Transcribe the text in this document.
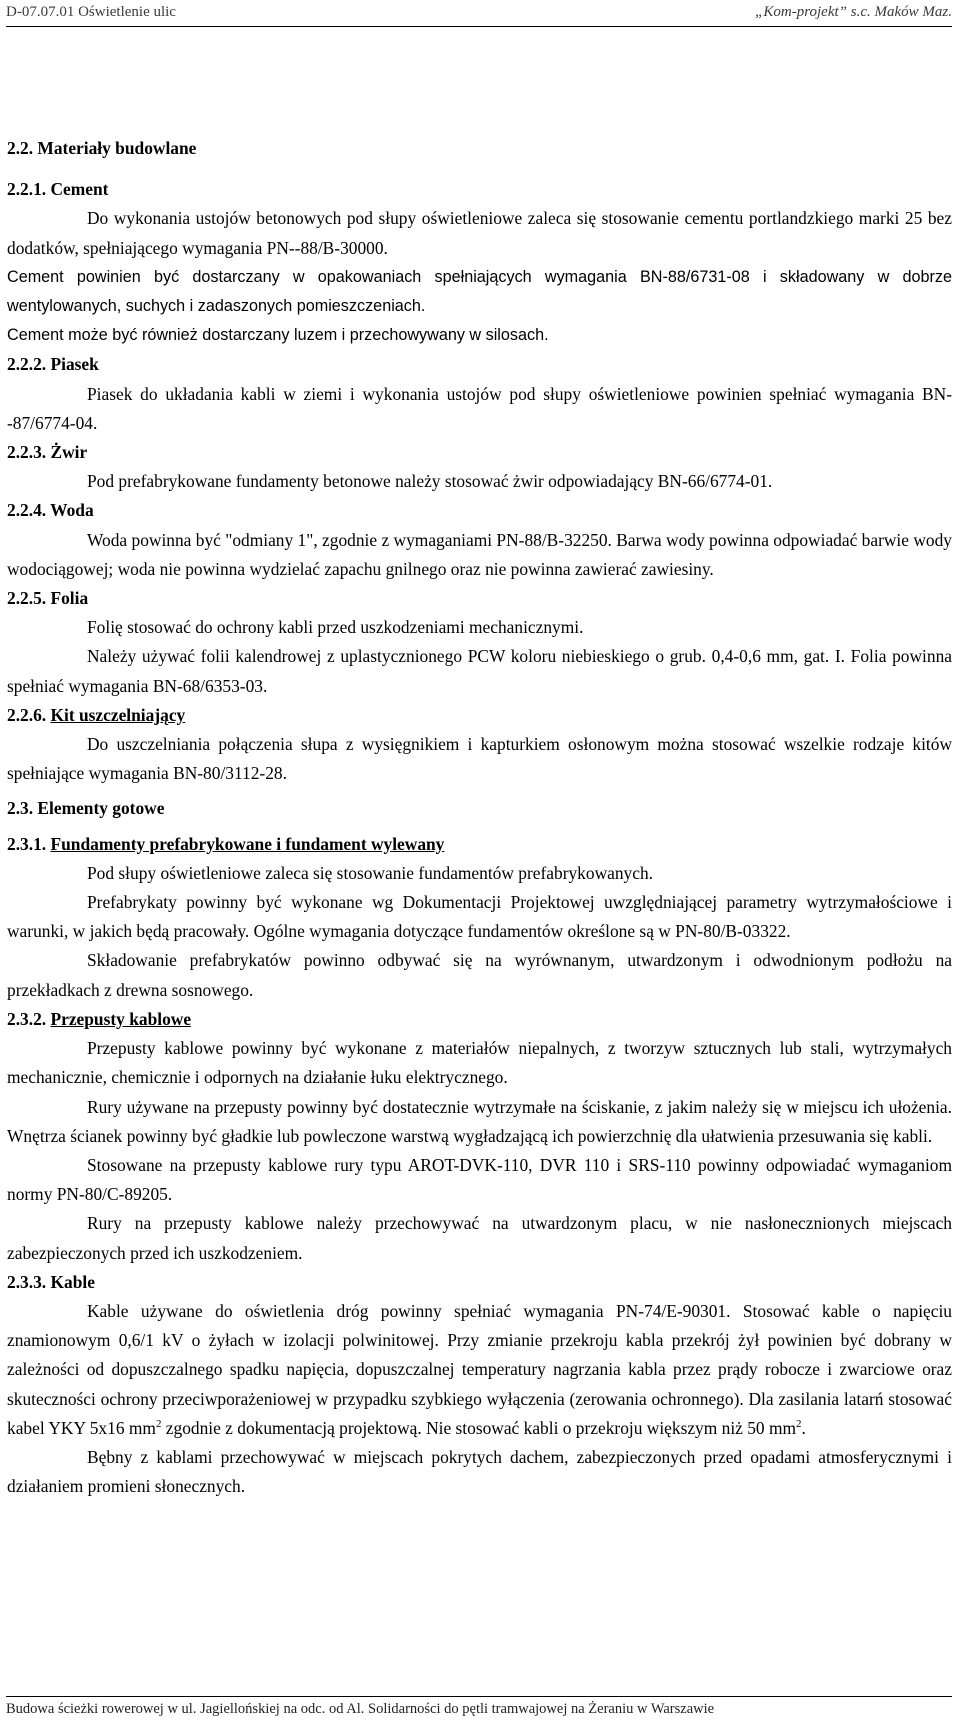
D-07.07.01 Oświetlenie ulic	„Kom-projekt” s.c. Maków Maz.
2.2. Materiały budowlane
2.2.1. Cement

Do wykonania ustojów betonowych pod słupy oświetleniowe zaleca się stosowanie cementu portlandzkiego marki 25 bez dodatków, spełniającego wymagania PN--88/B-30000.

Cement powinien być dostarczany w opakowaniach spełniających wymagania BN-88/6731-08 i składowany w dobrze wentylowanych, suchych i zadaszonych pomieszczeniach.

Cement może być również dostarczany luzem i przechowywany w silosach.

2.2.2. Piasek

Piasek do układania kabli w ziemi i wykonania ustojów pod słupy oświetleniowe powinien spełniać wymagania BN--87/6774-04.

2.2.3. Żwir

Pod prefabrykowane fundamenty betonowe należy stosować żwir odpowiadający BN-66/6774-01.

2.2.4. Woda

Woda powinna być "odmiany 1", zgodnie z wymaganiami PN-88/B-32250. Barwa wody powinna odpowiadać barwie wody wodociągowej; woda nie powinna wydzielać zapachu gnilnego oraz nie powinna zawierać zawiesiny.

2.2.5. Folia

Folię stosować do ochrony kabli przed uszkodzeniami mechanicznymi.

Należy używać folii kalendrowej z uplastycznionego PCW koloru niebieskiego o grub. 0,4-0,6 mm, gat. I. Folia powinna spełniać wymagania BN-68/6353-03.

2.2.6. Kit uszczelniający

Do uszczelniania połączenia słupa z wysięgnikiem i kapturkiem osłonowym można stosować wszelkie rodzaje kitów spełniające wymagania BN-80/3112-28.

2.3. Elementy gotowe
2.3.1. Fundamenty prefabrykowane i fundament wylewany

Pod słupy oświetleniowe zaleca się stosowanie fundamentów prefabrykowanych.

Prefabrykaty powinny być wykonane wg Dokumentacji Projektowej uwzględniającej parametry wytrzymałościowe i warunki, w jakich będą pracowały. Ogólne wymagania dotyczące fundamentów określone są w PN-80/B-03322.

Składowanie prefabrykatów powinno odbywać się na wyrównanym, utwardzonym i odwodnionym podłożu na przekładkach z drewna sosnowego.

2.3.2. Przepusty kablowe

Przepusty kablowe powinny być wykonane z materiałów niepalnych, z tworzyw sztucznych lub stali, wytrzymałych mechanicznie, chemicznie i odpornych na działanie łuku elektrycznego.

Rury używane na przepusty powinny być dostatecznie wytrzymałe na ściskanie, z jakim należy się w miejscu ich ułożenia. Wnętrza ścianek powinny być gładkie lub powleczone warstwą wygładzającą ich powierzchnię dla ułatwienia przesuwania się kabli.

Stosowane na przepusty kablowe rury typu AROT-DVK-110, DVR 110 i SRS-110 powinny odpowiadać wymaganiom normy PN-80/C-89205.

Rury na przepusty kablowe należy przechowywać na utwardzonym placu, w nie nasłonecznionych miejscach zabezpieczonych przed ich uszkodzeniem.

2.3.3. Kable

Kable używane do oświetlenia dróg powinny spełniać wymagania PN-74/E-90301. Stosować kable o napięciu znamionowym 0,6/1 kV o żyłach w izolacji polwinitowej. Przy zmianie przekroju kabla przekrój żył powinien być dobrany w zależności od dopuszczalnego spadku napięcia, dopuszczalnej temperatury nagrzania kabla przez prądy robocze i zwarciowe oraz skuteczności ochrony przeciwporażeniowej w przypadku szybkiego wyłączenia (zerowania ochronnego). Dla zasilania latarń stosować kabel YKY 5x16 $mm^2$ zgodnie z dokumentacją projektową. Nie stosować kabli o przekroju większym niż 50 $mm^2$.

Bębny z kablami przechowywać w miejscach pokrytych dachem, zabezpieczonych przed opadami atmosferycznymi i działaniem promieni słonecznych.

Budowa ścieżki rowerowej w ul. Jagiellońskiej na odc. od Al. Solidarności do pętli tramwajowej na Żeraniu w Warszawie
